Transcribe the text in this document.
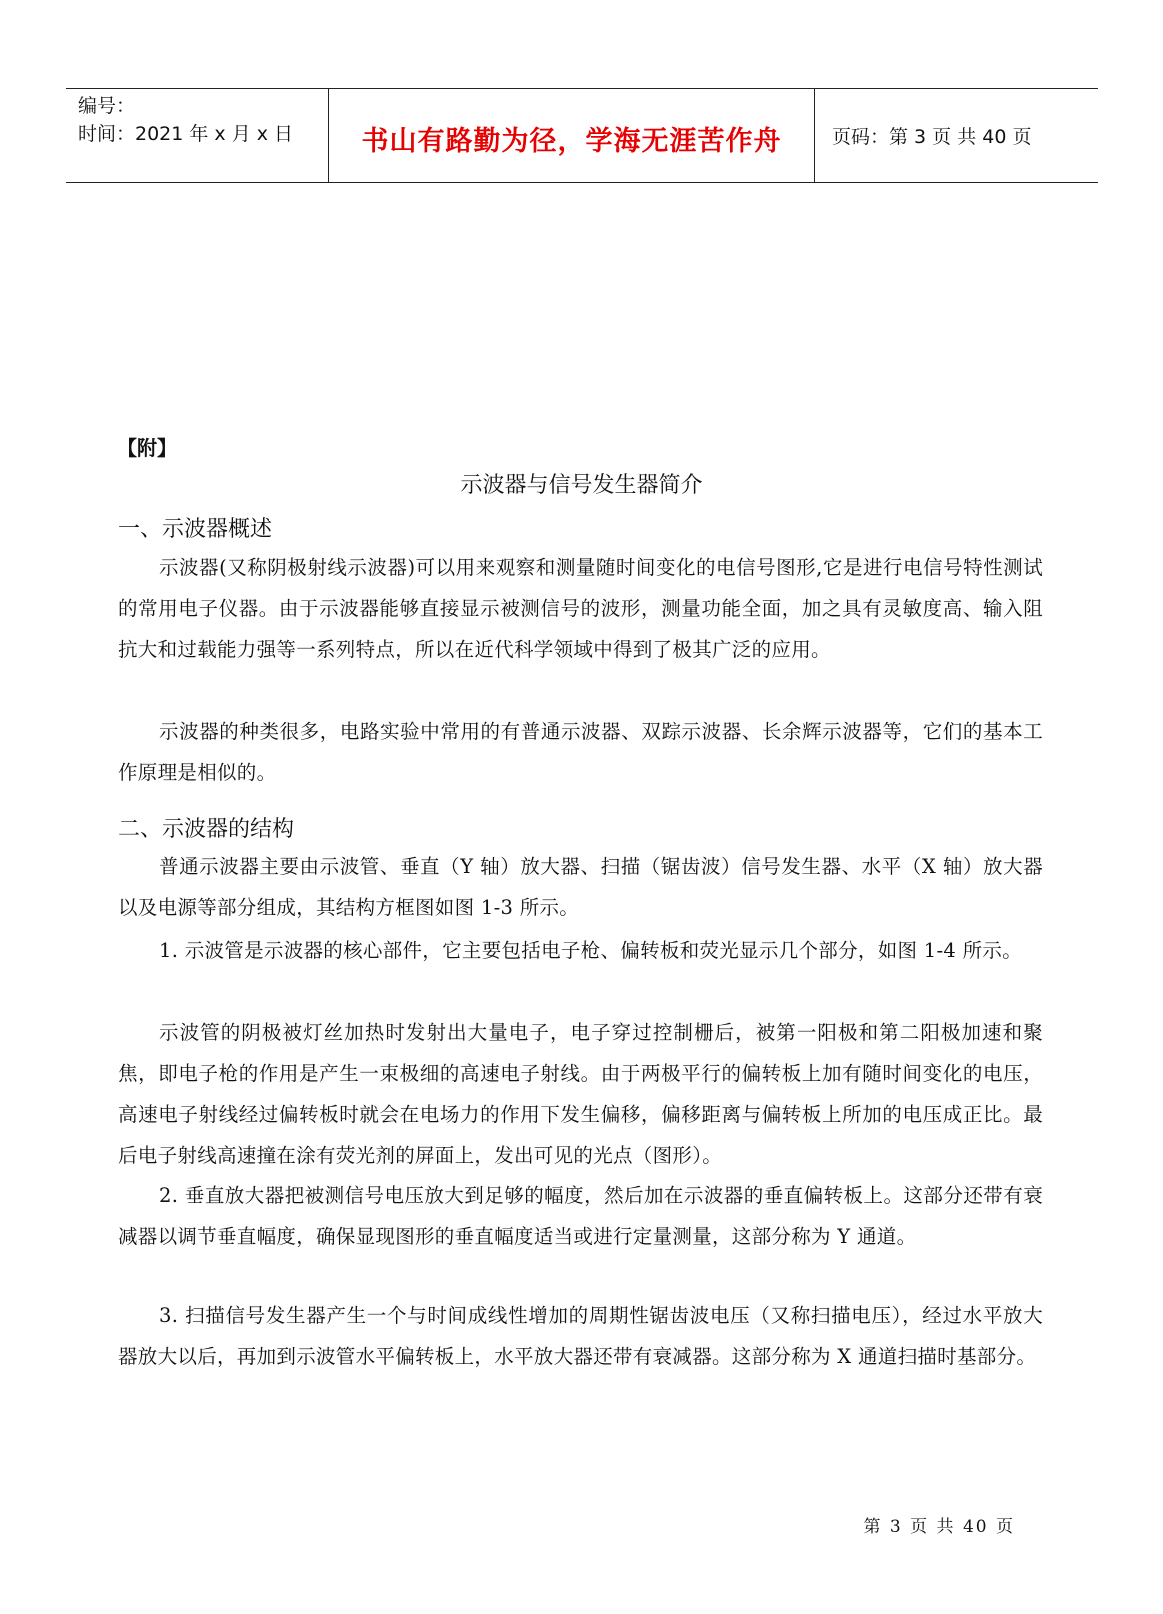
编号：
时间：2021 年 x 月 x 日	书山有路勤为径，学海无涯苦作舟	页码：第 3 页 共 40 页
【附】
示波器与信号发生器简介
一、示波器概述
示波器(又称阴极射线示波器)可以用来观察和测量随时间变化的电信号图形,它是进行电信号特性测试的常用电子仪器。由于示波器能够直接显示被测信号的波形，测量功能全面，加之具有灵敏度高、输入阻抗大和过载能力强等一系列特点，所以在近代科学领域中得到了极其广泛的应用。
示波器的种类很多，电路实验中常用的有普通示波器、双踪示波器、长余辉示波器等，它们的基本工作原理是相似的。
二、示波器的结构
普通示波器主要由示波管、垂直（Y 轴）放大器、扫描（锯齿波）信号发生器、水平（X 轴）放大器以及电源等部分组成，其结构方框图如图 1-3 所示。
1. 示波管是示波器的核心部件，它主要包括电子枪、偏转板和荧光显示几个部分，如图 1-4 所示。
示波管的阴极被灯丝加热时发射出大量电子，电子穿过控制栅后，被第一阳极和第二阳极加速和聚焦，即电子枪的作用是产生一束极细的高速电子射线。由于两极平行的偏转板上加有随时间变化的电压，高速电子射线经过偏转板时就会在电场力的作用下发生偏移，偏移距离与偏转板上所加的电压成正比。最后电子射线高速撞在涂有荧光剂的屏面上，发出可见的光点（图形）。
2. 垂直放大器把被测信号电压放大到足够的幅度，然后加在示波器的垂直偏转板上。这部分还带有衰减器以调节垂直幅度，确保显现图形的垂直幅度适当或进行定量测量，这部分称为 Y 通道。
3. 扫描信号发生器产生一个与时间成线性增加的周期性锯齿波电压（又称扫描电压），经过水平放大器放大以后，再加到示波管水平偏转板上，水平放大器还带有衰减器。这部分称为 X 通道扫描时基部分。
第 3 页 共 40 页
